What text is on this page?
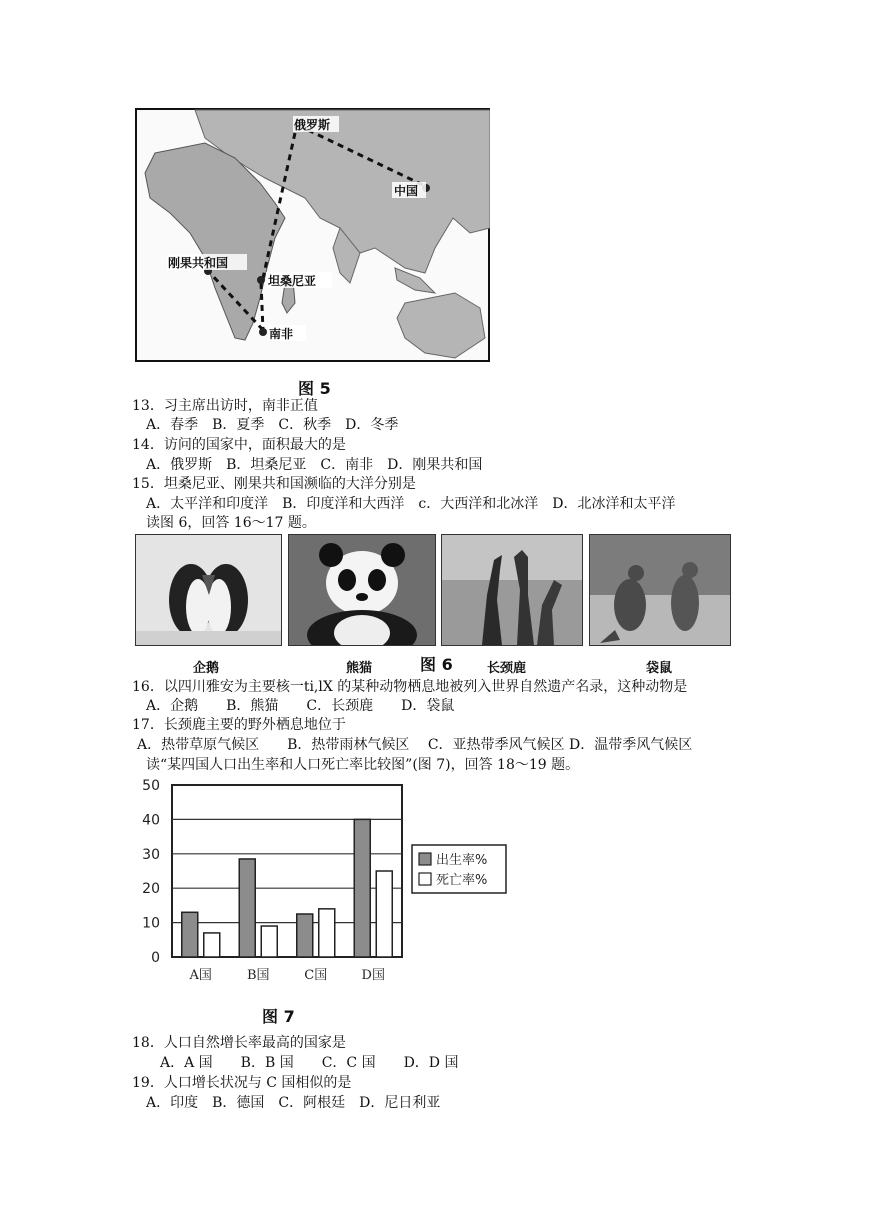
俄罗斯
中国
刚果共和国
坦桑尼亚
南非
图 5
13．习主席出访时，南非正值
A．春季　B．夏季　C．秋季　D．冬季
14．访问的国家中，面积最大的是
A．俄罗斯　B．坦桑尼亚　C．南非　D．刚果共和国
15．坦桑尼亚、刚果共和国濒临的大洋分别是
A．太平洋和印度洋　B．印度洋和大西洋　c．大西洋和北冰洋　D．北冰洋和太平洋
读图 6，回答 16～17 题。
企鹅	熊猫	图 6	长颈鹿	袋鼠
16．以四川雅安为主要核一ti,lX 的某种动物栖息地被列入世界自然遗产名录，这种动物是
A．企鹅　　B．熊猫　　C．长颈鹿　　D．袋鼠
17．长颈鹿主要的野外栖息地位于
A．热带草原气候区　　B．热带雨林气候区　 C．亚热带季风气候区 D．温带季风气候区
读“某四国人口出生率和人口死亡率比较图”(图 7)，回答 18～19 题。
0
10
20
30
40
50
A国	B国	C国	D国
出生率%
死亡率%
图 7
18．人口自然增长率最高的国家是
A．A 国　　B．B 国　　C．C 国　　D．D 国
19．人口增长状况与 C 国相似的是
A．印度　B．德国　C．阿根廷　D．尼日利亚
